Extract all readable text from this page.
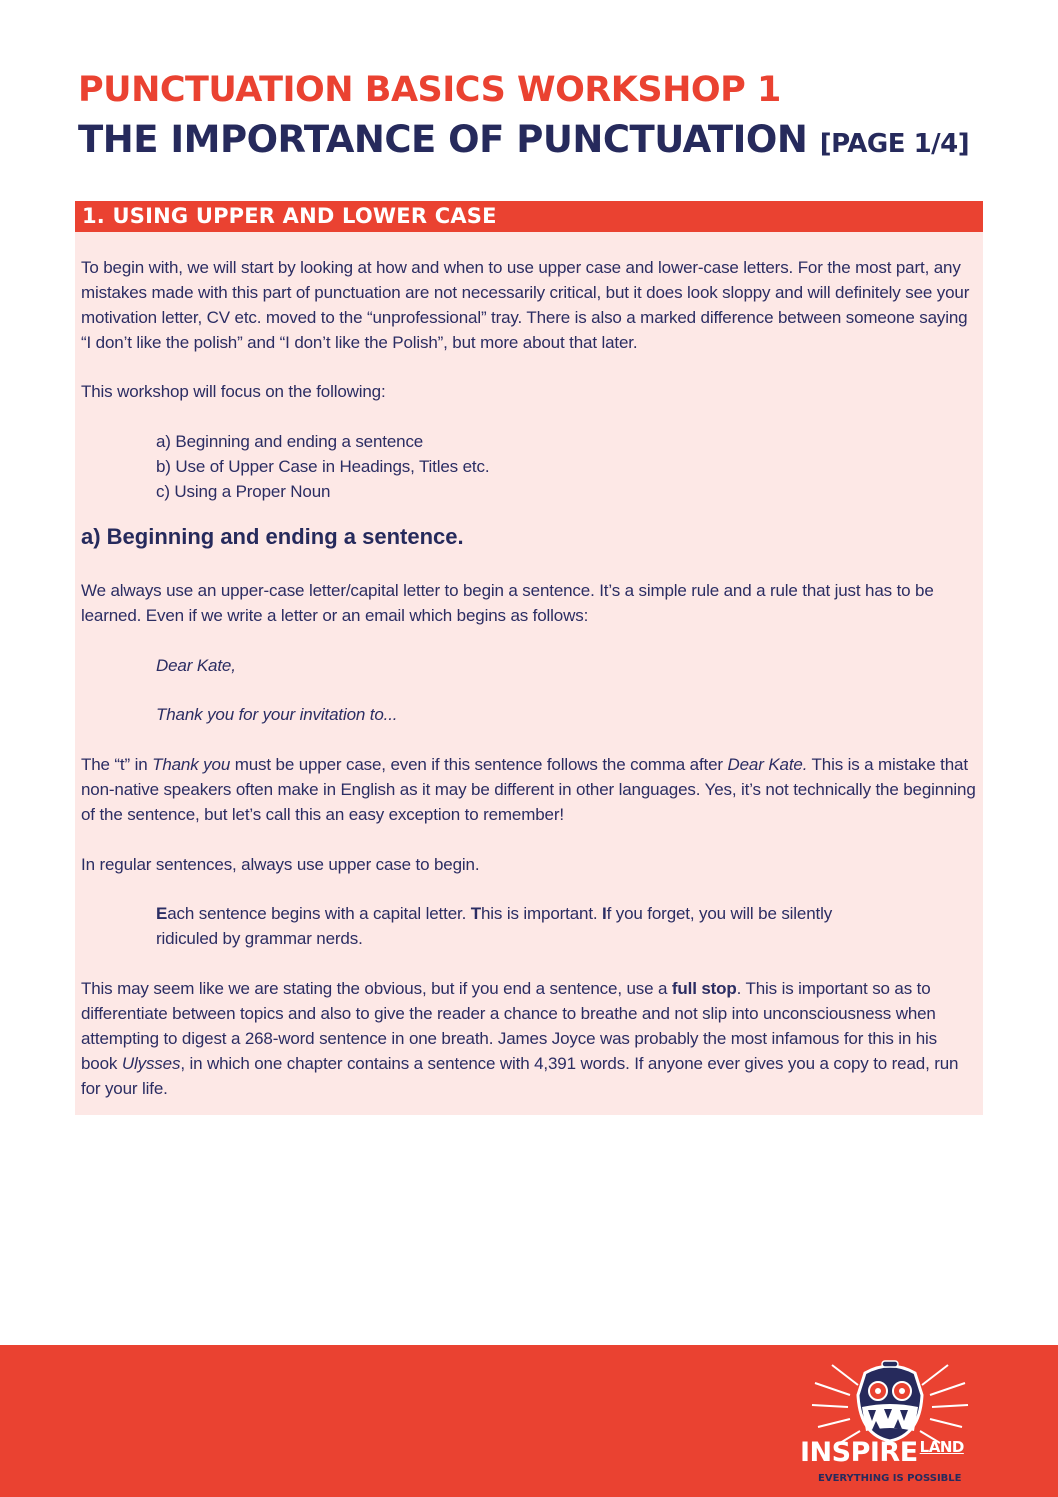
PUNCTUATION BASICS WORKSHOP 1
THE IMPORTANCE OF PUNCTUATION [PAGE 1/4]
1. USING UPPER AND LOWER CASE
To begin with, we will start by looking at how and when to use upper case and lower-case letters. For the most part, any mistakes made with this part of punctuation are not necessarily critical, but it does look sloppy and will definitely see your motivation letter, CV etc. moved to the “unprofessional” tray. There is also a marked difference between someone saying “I don’t like the polish” and “I don’t like the Polish”, but more about that later.
This workshop will focus on the following:
a) Beginning and ending a sentence
b) Use of Upper Case in Headings, Titles etc.
c) Using a Proper Noun
a) Beginning and ending a sentence.
We always use an upper-case letter/capital letter to begin a sentence. It’s a simple rule and a rule that just has to be learned. Even if we write a letter or an email which begins as follows:
Dear Kate,
Thank you for your invitation to...
The “t” in Thank you must be upper case, even if this sentence follows the comma after Dear Kate. This is a mistake that non-native speakers often make in English as it may be different in other languages. Yes, it’s not technically the beginning of the sentence, but let’s call this an easy exception to remember!
In regular sentences, always use upper case to begin.
Each sentence begins with a capital letter. This is important. If you forget, you will be silently ridiculed by grammar nerds.
This may seem like we are stating the obvious, but if you end a sentence, use a full stop. This is important so as to differentiate between topics and also to give the reader a chance to breathe and not slip into unconsciousness when attempting to digest a 268-word sentence in one breath. James Joyce was probably the most infamous for this in his book Ulysses, in which one chapter contains a sentence with 4,391 words. If anyone ever gives you a copy to read, run for your life.
INSPIRE $^{LAND}$
EVERYTHING IS POSSIBLE
